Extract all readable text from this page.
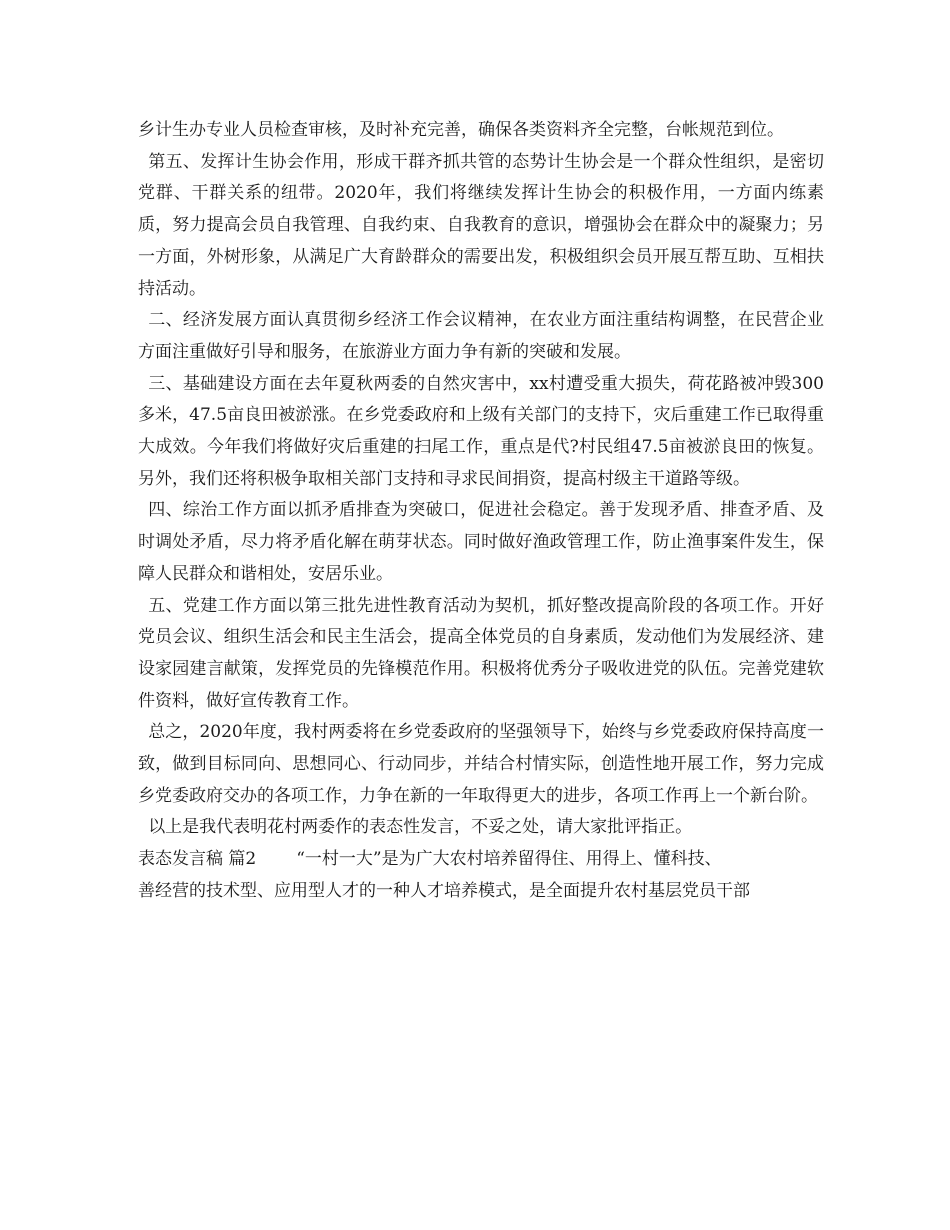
乡计生办专业人员检查审核，及时补充完善，确保各类资料齐全完整，台帐规范到位。

第五、发挥计生协会作用，形成干群齐抓共管的态势计生协会是一个群众性组织，是密切党群、干群关系的纽带。2020年，我们将继续发挥计生协会的积极作用，一方面内练素质，努力提高会员自我管理、自我约束、自我教育的意识，增强协会在群众中的凝聚力；另一方面，外树形象，从满足广大育龄群众的需要出发，积极组织会员开展互帮互助、互相扶持活动。

二、经济发展方面认真贯彻乡经济工作会议精神，在农业方面注重结构调整，在民营企业方面注重做好引导和服务，在旅游业方面力争有新的突破和发展。

三、基础建设方面在去年夏秋两委的自然灾害中，xx村遭受重大损失，荷花路被冲毁300多米，47.5亩良田被淤涨。在乡党委政府和上级有关部门的支持下，灾后重建工作已取得重大成效。今年我们将做好灾后重建的扫尾工作，重点是代?村民组47.5亩被淤良田的恢复。另外，我们还将积极争取相关部门支持和寻求民间捐资，提高村级主干道路等级。

四、综治工作方面以抓矛盾排查为突破口，促进社会稳定。善于发现矛盾、排查矛盾、及时调处矛盾，尽力将矛盾化解在萌芽状态。同时做好渔政管理工作，防止渔事案件发生，保障人民群众和谐相处，安居乐业。

五、党建工作方面以第三批先进性教育活动为契机，抓好整改提高阶段的各项工作。开好党员会议、组织生活会和民主生活会，提高全体党员的自身素质，发动他们为发展经济、建设家园建言献策，发挥党员的先锋模范作用。积极将优秀分子吸收进党的队伍。完善党建软件资料，做好宣传教育工作。

总之，2020年度，我村两委将在乡党委政府的坚强领导下，始终与乡党委政府保持高度一致，做到目标同向、思想同心、行动同步，并结合村情实际，创造性地开展工作，努力完成乡党委政府交办的各项工作，力争在新的一年取得更大的进步，各项工作再上一个新台阶。

以上是我代表明花村两委作的表态性发言，不妥之处，请大家批评指正。

表态发言稿 篇2 “一村一大”是为广大农村培养留得住、用得上、懂科技、

善经营的技术型、应用型人才的一种人才培养模式，是全面提升农村基层党员干部
